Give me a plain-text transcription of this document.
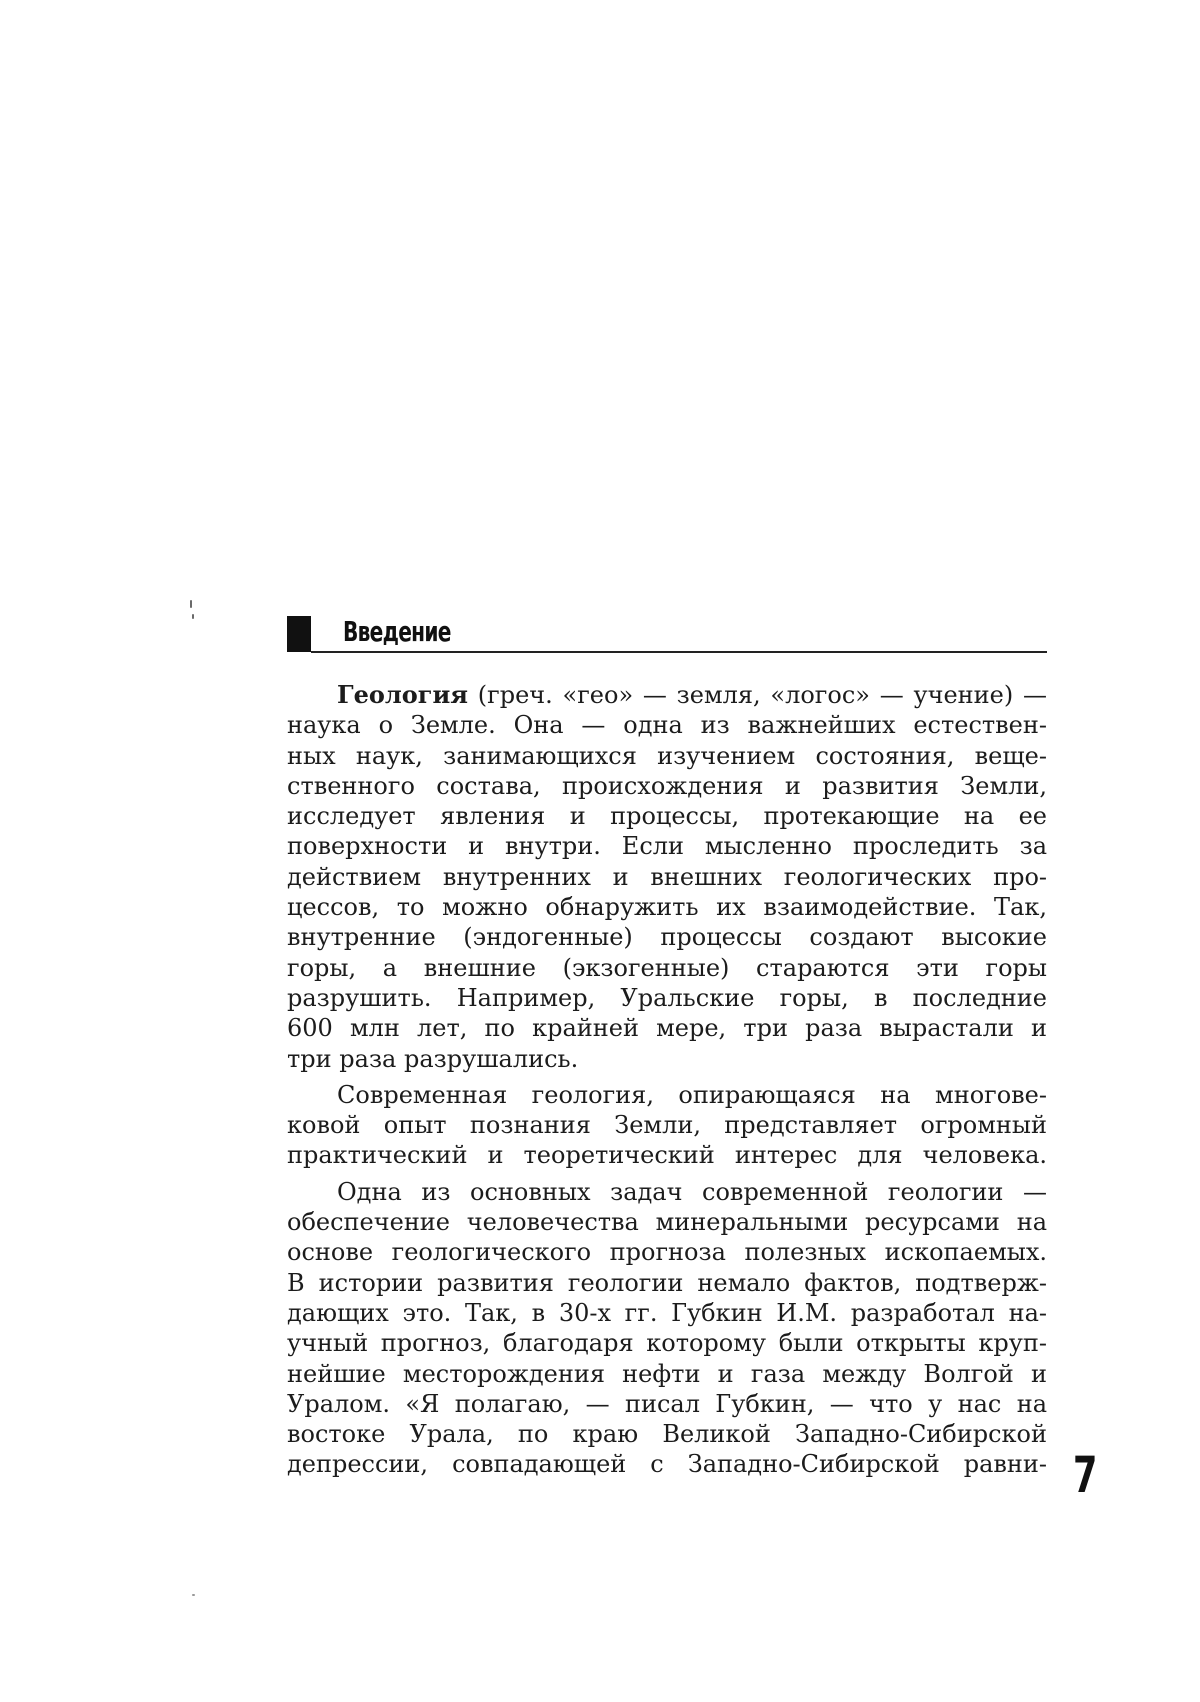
Введение
Геология (греч. «гео» — земля, «логос» — учение) —
наука о Земле. Она — одна из важнейших естествен-
ных наук, занимающихся изучением состояния, веще-
ственного состава, происхождения и развития Земли,
исследует явления и процессы, протекающие на ее
поверхности и внутри. Если мысленно проследить за
действием внутренних и внешних геологических про-
цессов, то можно обнаружить их взаимодействие. Так,
внутренние (эндогенные) процессы создают высокие
горы, а внешние (экзогенные) стараются эти горы
разрушить. Например, Уральские горы, в последние
600 млн лет, по крайней мере, три раза вырастали и
три раза разрушались.
Современная геология, опирающаяся на многове-
ковой опыт познания Земли, представляет огромный
практический и теоретический интерес для человека.
Одна из основных задач современной геологии —
обеспечение человечества минеральными ресурсами на
основе геологического прогноза полезных ископаемых.
В истории развития геологии немало фактов, подтверж-
дающих это. Так, в 30-х гг. Губкин И.М. разработал на-
учный прогноз, благодаря которому были открыты круп-
нейшие месторождения нефти и газа между Волгой и
Уралом. «Я полагаю, — писал Губкин, — что у нас на
востоке Урала, по краю Великой Западно-Сибирской
депрессии, совпадающей с Западно-Сибирской равни- 7
